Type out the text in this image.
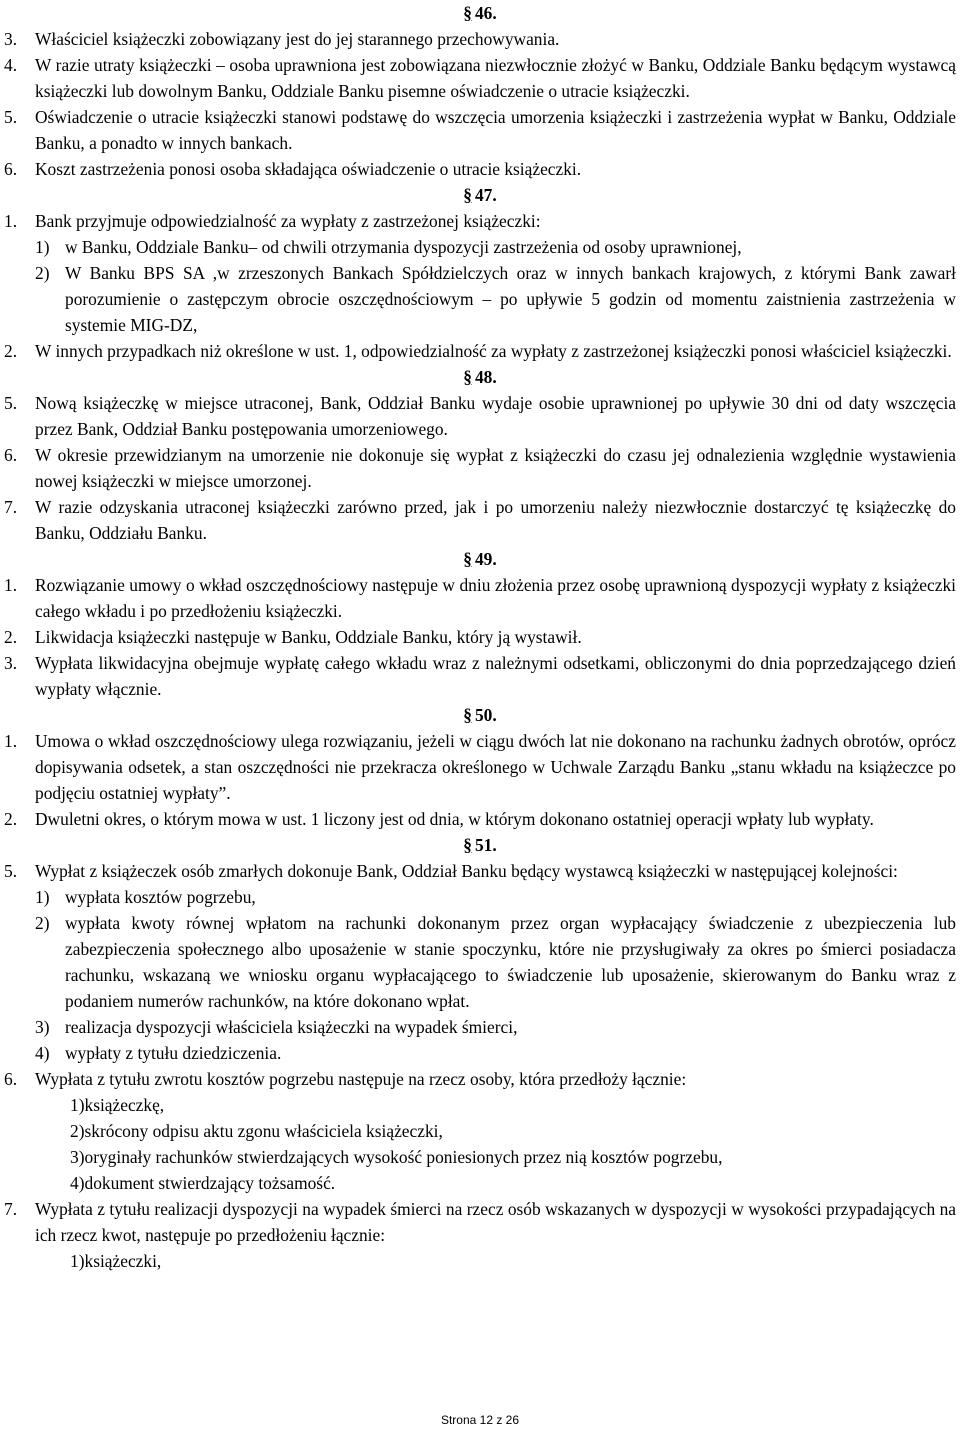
§ 46.
3. Właściciel książeczki zobowiązany jest do jej starannego przechowywania.
4. W razie utraty książeczki – osoba uprawniona jest zobowiązana niezwłocznie złożyć w Banku, Oddziale Banku będącym wystawcą książeczki lub dowolnym Banku, Oddziale Banku pisemne oświadczenie o utracie książeczki.
5. Oświadczenie o utracie książeczki stanowi podstawę do wszczęcia umorzenia książeczki i zastrzeżenia wypłat w Banku, Oddziale Banku, a ponadto w innych bankach.
6. Koszt zastrzeżenia ponosi osoba składająca oświadczenie o utracie książeczki.
§ 47.
1. Bank przyjmuje odpowiedzialność za wypłaty z zastrzeżonej książeczki:
1) w Banku, Oddziale Banku– od chwili otrzymania dyspozycji zastrzeżenia od osoby uprawnionej,
2) W Banku BPS SA ,w zrzeszonych Bankach Spółdzielczych oraz w innych bankach krajowych, z którymi Bank zawarł porozumienie o zastępczym obrocie oszczędnościowym – po upływie 5 godzin od momentu zaistnienia zastrzeżenia w systemie MIG-DZ,
2. W innych przypadkach niż określone w ust. 1, odpowiedzialność za wypłaty z zastrzeżonej książeczki ponosi właściciel książeczki.
§ 48.
5. Nową książeczkę w miejsce utraconej, Bank, Oddział Banku wydaje osobie uprawnionej po upływie 30 dni od daty wszczęcia przez Bank, Oddział Banku postępowania umorzeniowego.
6. W okresie przewidzianym na umorzenie nie dokonuje się wypłat z książeczki do czasu jej odnalezienia względnie wystawienia nowej książeczki w miejsce umorzonej.
7. W razie odzyskania utraconej książeczki zarówno przed, jak i po umorzeniu należy niezwłocznie dostarczyć tę książeczkę do Banku, Oddziału Banku.
§ 49.
1. Rozwiązanie umowy o wkład oszczędnościowy następuje w dniu złożenia przez osobę uprawnioną dyspozycji wypłaty z książeczki całego wkładu i po przedłożeniu książeczki.
2. Likwidacja książeczki następuje w Banku, Oddziale Banku, który ją wystawił.
3. Wypłata likwidacyjna obejmuje wypłatę całego wkładu wraz z należnymi odsetkami, obliczonymi do dnia poprzedzającego dzień wypłaty włącznie.
§ 50.
1. Umowa o wkład oszczędnościowy ulega rozwiązaniu, jeżeli w ciągu dwóch lat nie dokonano na rachunku żadnych obrotów, oprócz dopisywania odsetek, a stan oszczędności nie przekracza określonego w Uchwale Zarządu Banku „stanu wkładu na książeczce po podjęciu ostatniej wypłaty”.
2. Dwuletni okres, o którym mowa w ust. 1 liczony jest od dnia, w którym dokonano ostatniej operacji wpłaty lub wypłaty.
§ 51.
5. Wypłat z książeczek osób zmarłych dokonuje Bank, Oddział Banku będący wystawcą książeczki w następującej kolejności:
1) wypłata kosztów pogrzebu,
2) wypłata kwoty równej wpłatom na rachunki dokonanym przez organ wypłacający świadczenie z ubezpieczenia lub zabezpieczenia społecznego albo uposażenie w stanie spoczynku, które nie przysługiwały za okres po śmierci posiadacza rachunku, wskazaną we wniosku organu wypłacającego to świadczenie lub uposażenie, skierowanym do Banku wraz z podaniem numerów rachunków, na które dokonano wpłat.
3) realizacja dyspozycji właściciela książeczki na wypadek śmierci,
4) wypłaty z tytułu dziedziczenia.
6. Wypłata z tytułu zwrotu kosztów pogrzebu następuje na rzecz osoby, która przedłoży łącznie:
1)książeczkę,
2)skrócony odpisu aktu zgonu właściciela książeczki,
3)oryginały rachunków stwierdzających wysokość poniesionych przez nią kosztów pogrzebu,
4)dokument stwierdzający tożsamość.
7. Wypłata z tytułu realizacji dyspozycji na wypadek śmierci na rzecz osób wskazanych w dyspozycji w wysokości przypadających na ich rzecz kwot, następuje po przedłożeniu łącznie:
1)książeczki,
Strona 12 z 26
